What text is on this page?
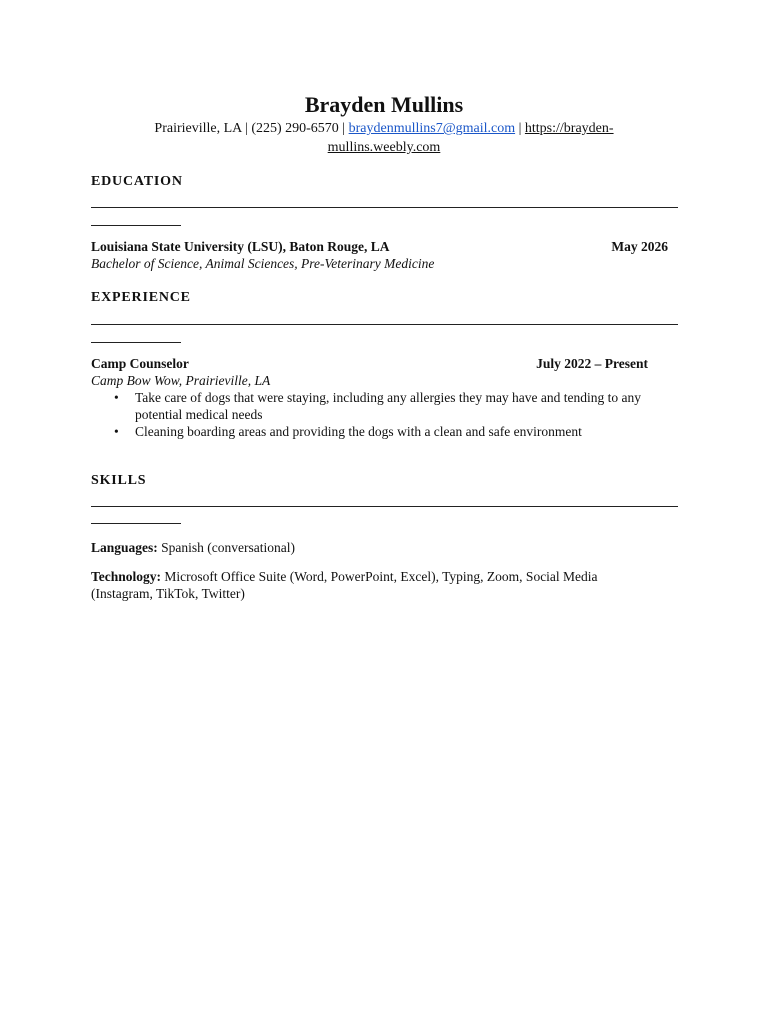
Brayden Mullins
Prairieville, LA | (225) 290-6570 | braydenmullins7@gmail.com | https://brayden-mullins.weebly.com
EDUCATION
Louisiana State University (LSU), Baton Rouge, LA	May 2026
Bachelor of Science, Animal Sciences, Pre-Veterinary Medicine
EXPERIENCE
Camp Counselor	July 2022 – Present
Camp Bow Wow, Prairieville, LA
• Take care of dogs that were staying, including any allergies they may have and tending to any potential medical needs
• Cleaning boarding areas and providing the dogs with a clean and safe environment
SKILLS
Languages: Spanish (conversational)
Technology: Microsoft Office Suite (Word, PowerPoint, Excel), Typing, Zoom, Social Media (Instagram, TikTok, Twitter)
